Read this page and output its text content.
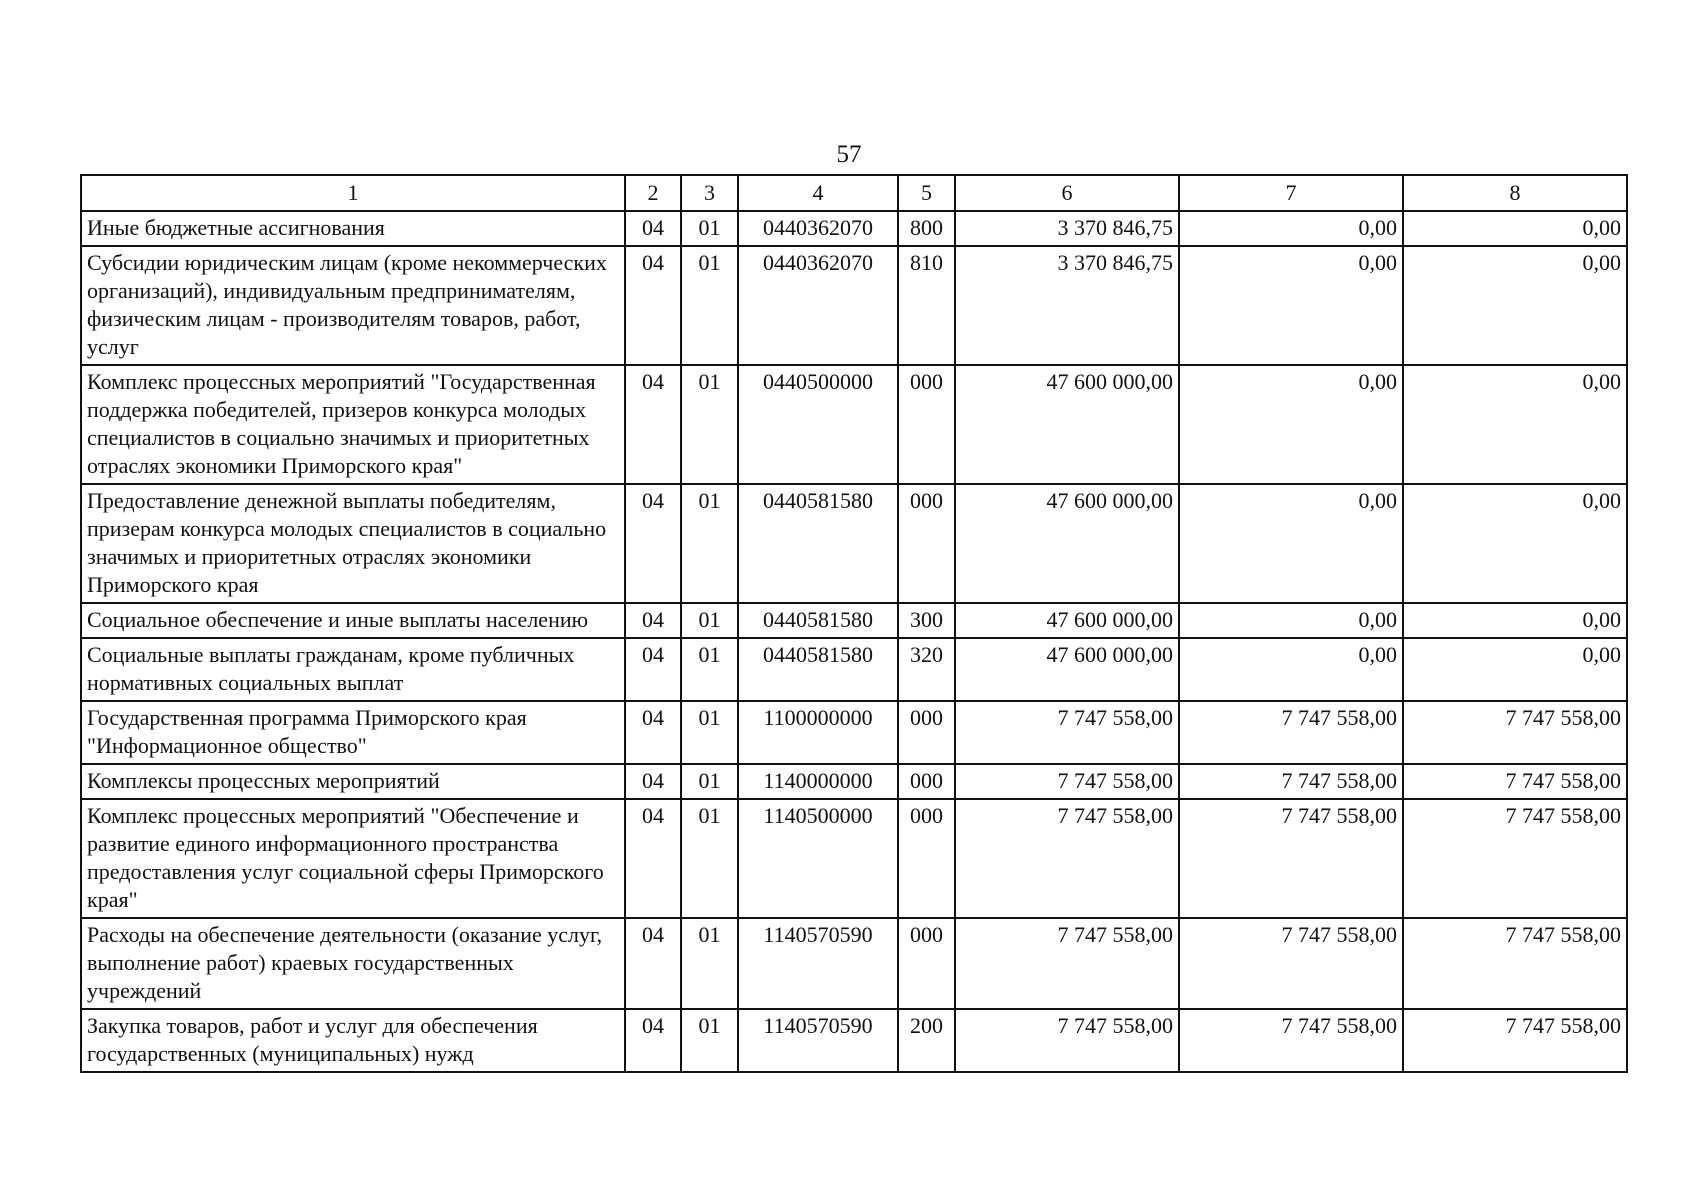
57
1	2	3	4	5	6	7	8
Иные бюджетные ассигнования	04	01	0440362070	800	3 370 846,75	0,00	0,00
Субсидии юридическим лицам (кроме некоммерческих организаций), индивидуальным предпринимателям, физическим лицам - производителям товаров, работ, услуг	04	01	0440362070	810	3 370 846,75	0,00	0,00
Комплекс процессных мероприятий "Государственная поддержка победителей, призеров конкурса молодых специалистов в социально значимых и приоритетных отраслях экономики Приморского края"	04	01	0440500000	000	47 600 000,00	0,00	0,00
Предоставление денежной выплаты победителям, призерам конкурса молодых специалистов в социально значимых и приоритетных отраслях экономики Приморского края	04	01	0440581580	000	47 600 000,00	0,00	0,00
Социальное обеспечение и иные выплаты населению	04	01	0440581580	300	47 600 000,00	0,00	0,00
Социальные выплаты гражданам, кроме публичных нормативных социальных выплат	04	01	0440581580	320	47 600 000,00	0,00	0,00
Государственная программа Приморского края "Информационное общество"	04	01	1100000000	000	7 747 558,00	7 747 558,00	7 747 558,00
Комплексы процессных мероприятий	04	01	1140000000	000	7 747 558,00	7 747 558,00	7 747 558,00
Комплекс процессных мероприятий "Обеспечение и развитие единого информационного пространства предоставления услуг социальной сферы Приморского края"	04	01	1140500000	000	7 747 558,00	7 747 558,00	7 747 558,00
Расходы на обеспечение деятельности (оказание услуг, выполнение работ) краевых государственных учреждений	04	01	1140570590	000	7 747 558,00	7 747 558,00	7 747 558,00
Закупка товаров, работ и услуг для обеспечения государственных (муниципальных) нужд	04	01	1140570590	200	7 747 558,00	7 747 558,00	7 747 558,00
